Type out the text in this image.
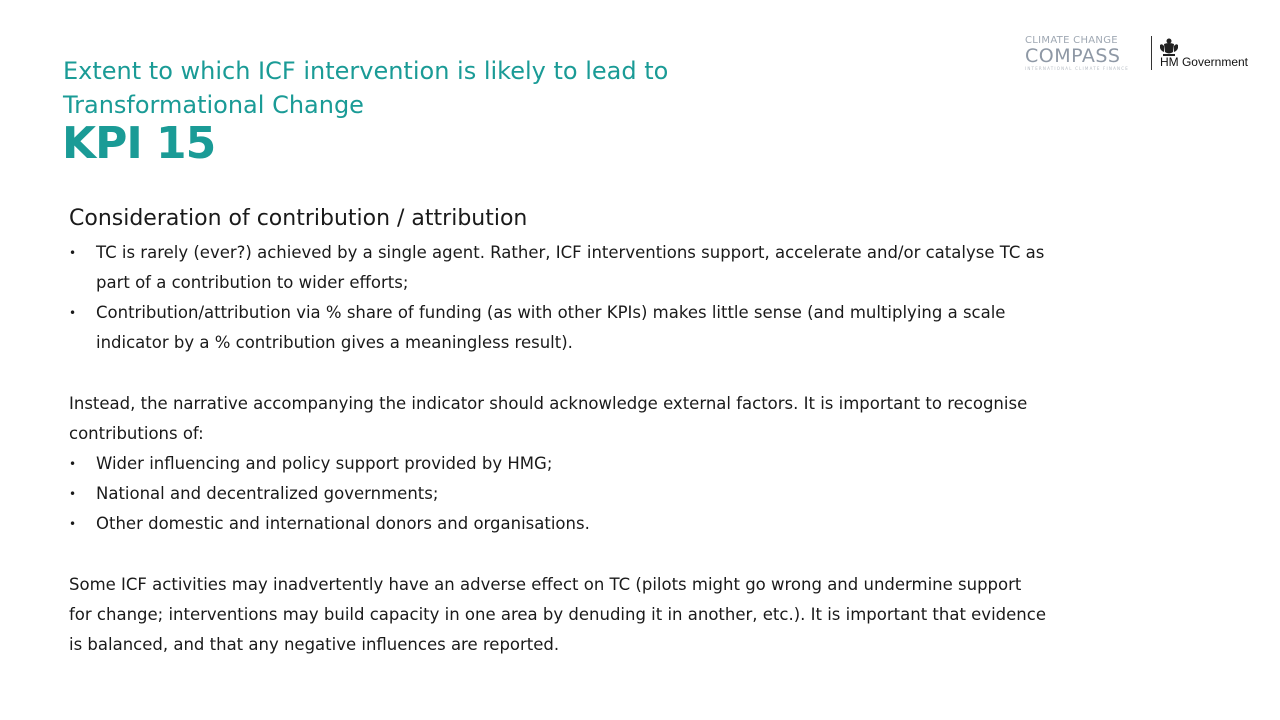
Extent to which ICF intervention is likely to lead to
Transformational Change
KPI 15
CLIMATE CHANGE
COMPASS
INTERNATIONAL CLIMATE FINANCE	HM Government
Consideration of contribution / attribution
• TC is rarely (ever?) achieved by a single agent. Rather, ICF interventions support, accelerate and/or catalyse TC as part of a contribution to wider efforts;
• Contribution/attribution via % share of funding (as with other KPIs) makes little sense (and multiplying a scale indicator by a % contribution gives a meaningless result).

Instead, the narrative accompanying the indicator should acknowledge external factors. It is important to recognise contributions of:

• Wider influencing and policy support provided by HMG;
• National and decentralized governments;
• Other domestic and international donors and organisations.

Some ICF activities may inadvertently have an adverse effect on TC (pilots might go wrong and undermine support for change; interventions may build capacity in one area by denuding it in another, etc.). It is important that evidence is balanced, and that any negative influences are reported.
